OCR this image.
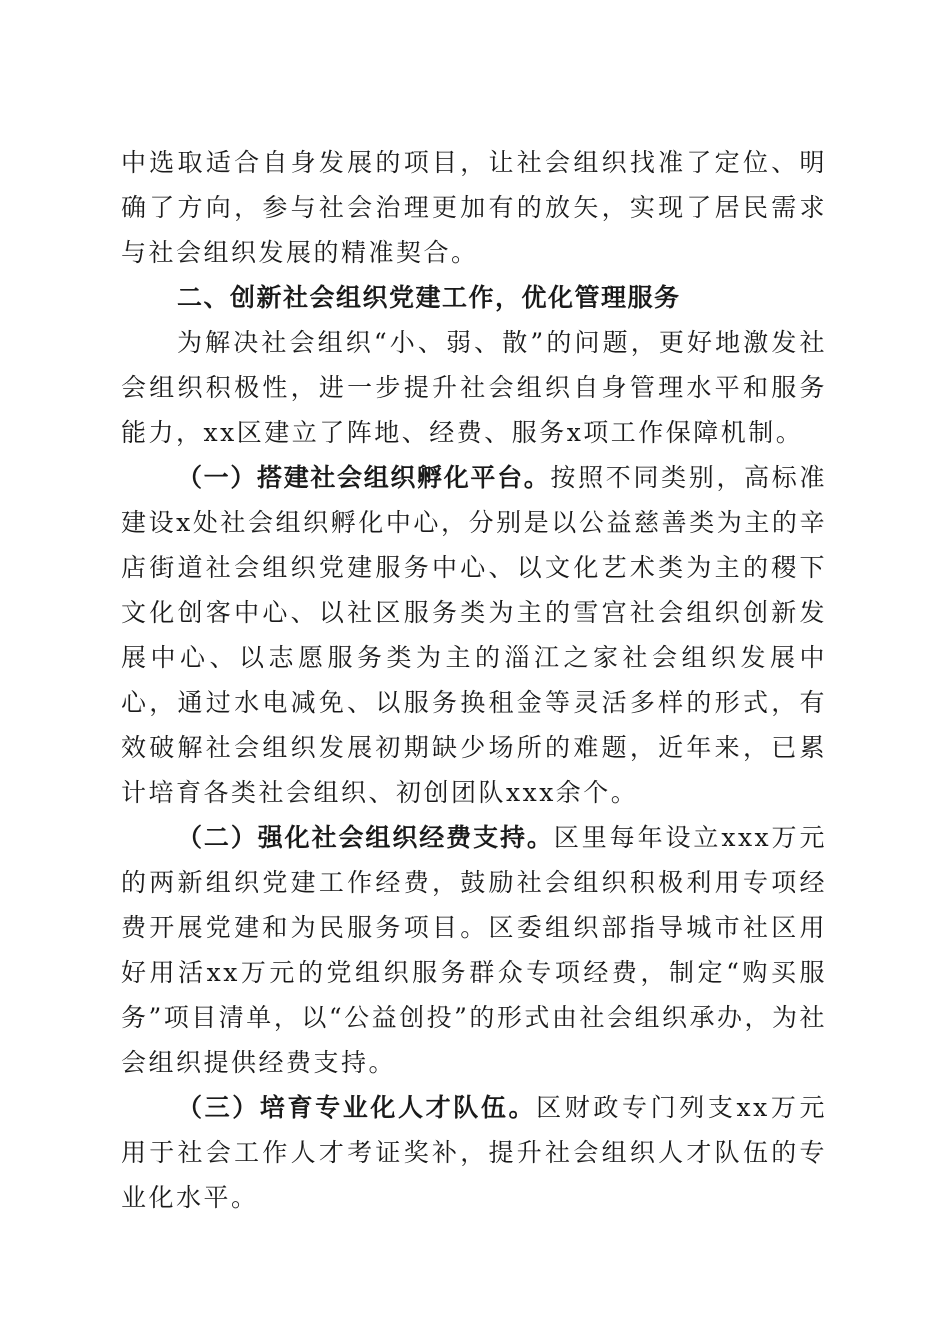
中选取适合自身发展的项目，让社会组织找准了定位、明确了方向，参与社会治理更加有的放矢，实现了居民需求与社会组织发展的精准契合。

二、创新社会组织党建工作，优化管理服务

为解决社会组织“小、弱、散”的问题，更好地激发社会组织积极性，进一步提升社会组织自身管理水平和服务能力，xx区建立了阵地、经费、服务x项工作保障机制。

（一）搭建社会组织孵化平台。按照不同类别，高标准建设x处社会组织孵化中心，分别是以公益慈善类为主的辛店街道社会组织党建服务中心、以文化艺术类为主的稷下文化创客中心、以社区服务类为主的雪宫社会组织创新发展中心、以志愿服务类为主的淄江之家社会组织发展中心，通过水电减免、以服务换租金等灵活多样的形式，有效破解社会组织发展初期缺少场所的难题，近年来，已累计培育各类社会组织、初创团队xxx余个。

（二）强化社会组织经费支持。区里每年设立xxx万元的两新组织党建工作经费，鼓励社会组织积极利用专项经费开展党建和为民服务项目。区委组织部指导城市社区用好用活xx万元的党组织服务群众专项经费，制定“购买服务”项目清单，以“公益创投”的形式由社会组织承办，为社会组织提供经费支持。

（三）培育专业化人才队伍。区财政专门列支xx万元用于社会工作人才考证奖补，提升社会组织人才队伍的专业化水平。
